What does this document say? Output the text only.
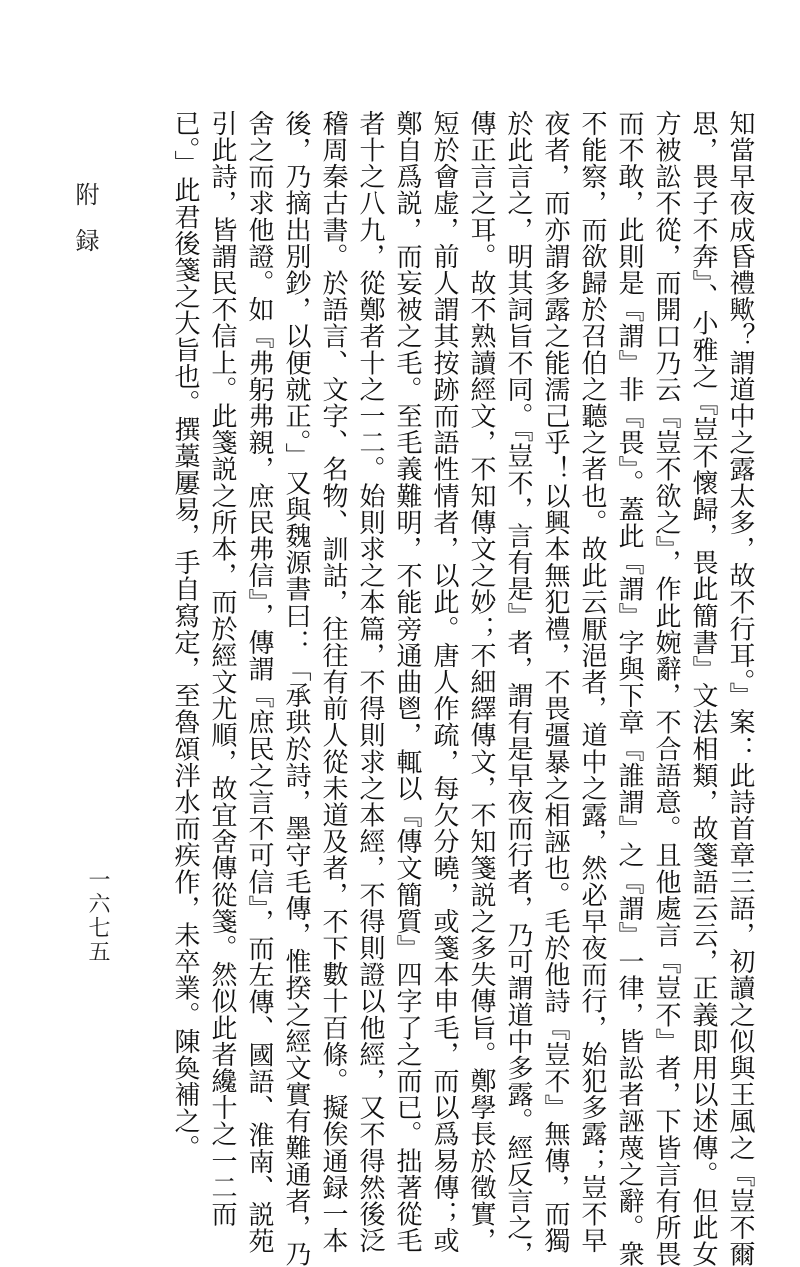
附録
一六七五	知當早夜成昏禮歟？謂道中之露太多，故不行耳。』案：此詩首章三語，初讀之似與王風之『豈不爾
思，畏子不奔』、小雅之『豈不懷歸，畏此簡書』文法相類，故箋語云云，正義即用以述傳。但此女
方被訟不從，而開口乃云『豈不欲之』，作此婉辭，不合語意。且他處言『豈不』者，下皆言有所畏
而不敢，此則是『謂』非『畏』。蓋此『謂』字與下章『誰謂』之『謂』一律，皆訟者誣蔑之辭。衆
不能察，而欲歸於召伯之聽之者也。故此云厭浥者，道中之露，然必早夜而行，始犯多露；豈不早
夜者，而亦謂多露之能濡己乎！以興本無犯禮，不畏彊暴之相誣也。毛於他詩『豈不』無傳，而獨
於此言之，明其詞旨不同。『豈不，言有是』者，謂有是早夜而行者，乃可謂道中多露。經反言之，
傳正言之耳。故不熟讀經文，不知傳文之妙；不細繹傳文，不知箋説之多失傳旨。鄭學長於徵實，
短於會虚，前人謂其按跡而語性情者，以此。唐人作疏，每欠分曉，或箋本申毛，而以爲易傳；或
鄭自爲説，而妄被之毛。至毛義難明，不能旁通曲鬯，輒以『傳文簡質』四字了之而已。拙著從毛
者十之八九，從鄭者十之一二。始則求之本篇，不得則求之本經，不得則證以他經，又不得然後泛
稽周秦古書。於語言、文字、名物、訓詁，往往有前人從未道及者，不下數十百條。擬俟通録一本
後，乃摘出別鈔，以便就正。」又與魏源書曰：「承珙於詩，墨守毛傳，惟揆之經文實有難通者，乃
舍之而求他證。如『弗躬弗親，庶民弗信』，傳謂『庶民之言不可信』，而左傳、國語、淮南、説苑
引此詩，皆謂民不信上。此箋説之所本，而於經文尤順，故宜舍傳從箋。然似此者纔十之一二而
已。」此君後箋之大旨也。撰藁屢易，手自寫定，至魯頌泮水而疾作，未卒業。陳奐補之。
